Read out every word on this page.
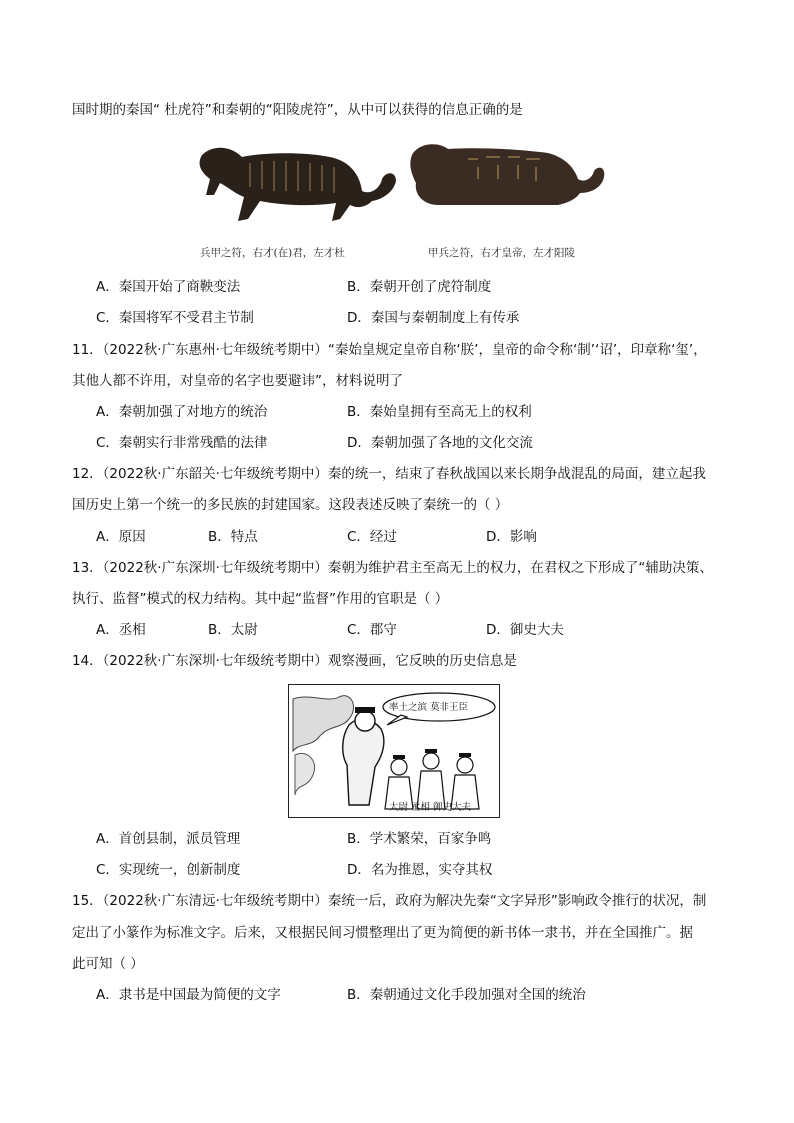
国时期的秦国“ 杜虎符”和秦朝的“阳陵虎符”，从中可以获得的信息正确的是
兵甲之符，右才(在)君，左才杜	甲兵之符，右才皇帝，左才阳陵
A．秦国开始了商鞅变法	B．秦朝开创了虎符制度
C．秦国将军不受君主节制	D．秦国与秦朝制度上有传承
11．（2022秋·广东惠州·七年级统考期中）“秦始皇规定皇帝自称‘朕’，皇帝的命令称‘制’‘诏’，印章称‘玺’，
其他人都不许用，对皇帝的名字也要避讳”，材料说明了
A．秦朝加强了对地方的统治	B．秦始皇拥有至高无上的权利
C．秦朝实行非常残酷的法律	D．秦朝加强了各地的文化交流
12．（2022秋·广东韶关·七年级统考期中）秦的统一，结束了春秋战国以来长期争战混乱的局面，建立起我
国历史上第一个统一的多民族的封建国家。这段表述反映了秦统一的（ ）
A．原因	B．特点	C．经过	D．影响
13．（2022秋·广东深圳·七年级统考期中）秦朝为维护君主至高无上的权力，在君权之下形成了“辅助决策、
执行、监督”模式的权力结构。其中起“监督”作用的官职是（ ）
A．丞相	B．太尉	C．郡守	D．御史大夫
14．（2022秋·广东深圳·七年级统考期中）观察漫画，它反映的历史信息是
率土之滨 莫非王臣
太尉 丞相 御史大夫
A．首创县制，派员管理	B．学术繁荣，百家争鸣
C．实现统一，创新制度	D．名为推恩，实夺其权
15．（2022秋·广东清远·七年级统考期中）秦统一后，政府为解决先秦“文字异形”影响政令推行的状况，制
定出了小篆作为标准文字。后来，又根据民间习惯整理出了更为简便的新书体一隶书，并在全国推广。据
此可知（ ）
A．隶书是中国最为简便的文字	B．秦朝通过文化手段加强对全国的统治
